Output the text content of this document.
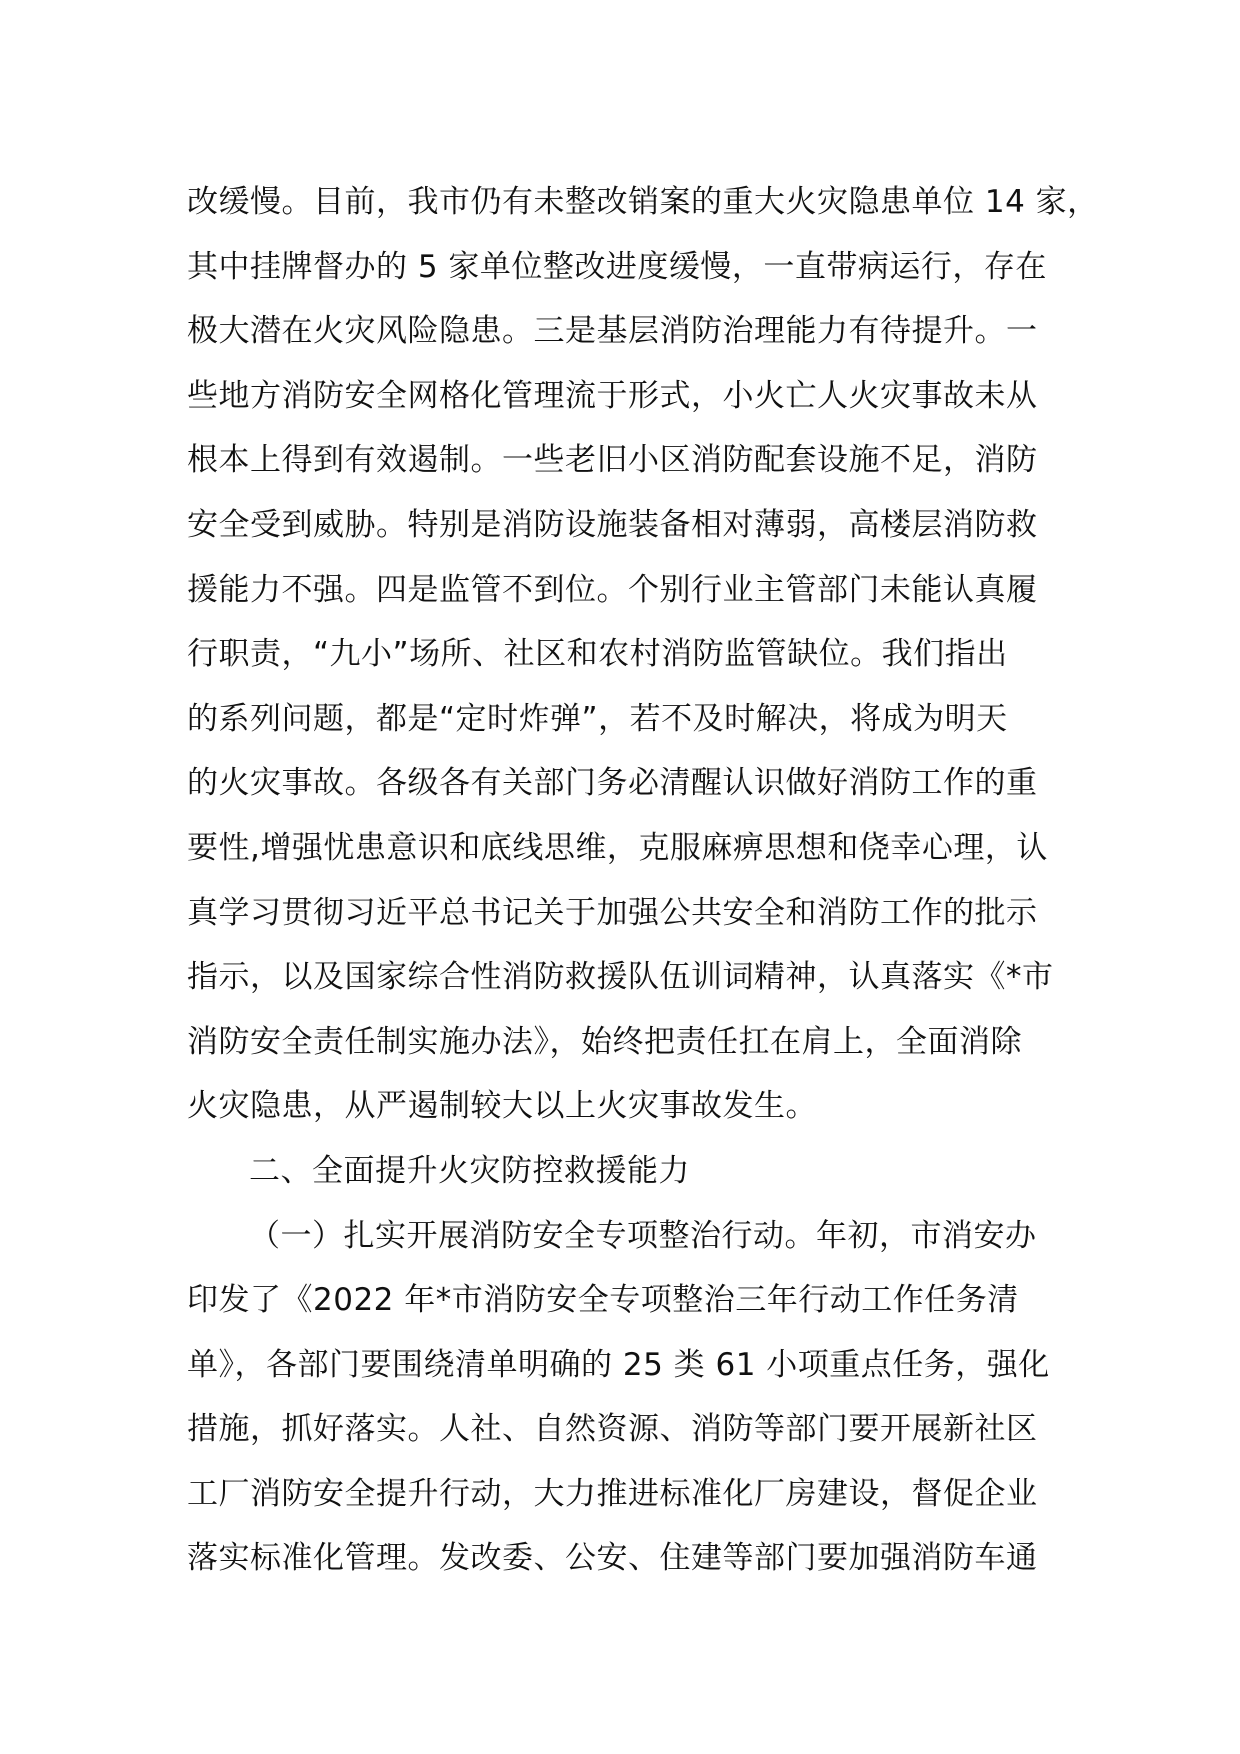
改缓慢。目前，我市仍有未整改销案的重大火灾隐患单位 14 家，
其中挂牌督办的 5 家单位整改进度缓慢，一直带病运行，存在
极大潜在火灾风险隐患。三是基层消防治理能力有待提升。一
些地方消防安全网格化管理流于形式，小火亡人火灾事故未从
根本上得到有效遏制。一些老旧小区消防配套设施不足，消防
安全受到威胁。特别是消防设施装备相对薄弱，高楼层消防救
援能力不强。四是监管不到位。个别行业主管部门未能认真履
行职责，“九小”场所、社区和农村消防监管缺位。我们指出
的系列问题，都是“定时炸弹”，若不及时解决，将成为明天
的火灾事故。各级各有关部门务必清醒认识做好消防工作的重
要性,增强忧患意识和底线思维，克服麻痹思想和侥幸心理，认
真学习贯彻习近平总书记关于加强公共安全和消防工作的批示
指示，以及国家综合性消防救援队伍训词精神，认真落实《*市
消防安全责任制实施办法》，始终把责任扛在肩上，全面消除
火灾隐患，从严遏制较大以上火灾事故发生。
二、全面提升火灾防控救援能力
（一）扎实开展消防安全专项整治行动。年初，市消安办
印发了《2022 年*市消防安全专项整治三年行动工作任务清
单》，各部门要围绕清单明确的 25 类 61 小项重点任务，强化
措施，抓好落实。人社、自然资源、消防等部门要开展新社区
工厂消防安全提升行动，大力推进标准化厂房建设，督促企业
落实标准化管理。发改委、公安、住建等部门要加强消防车通
